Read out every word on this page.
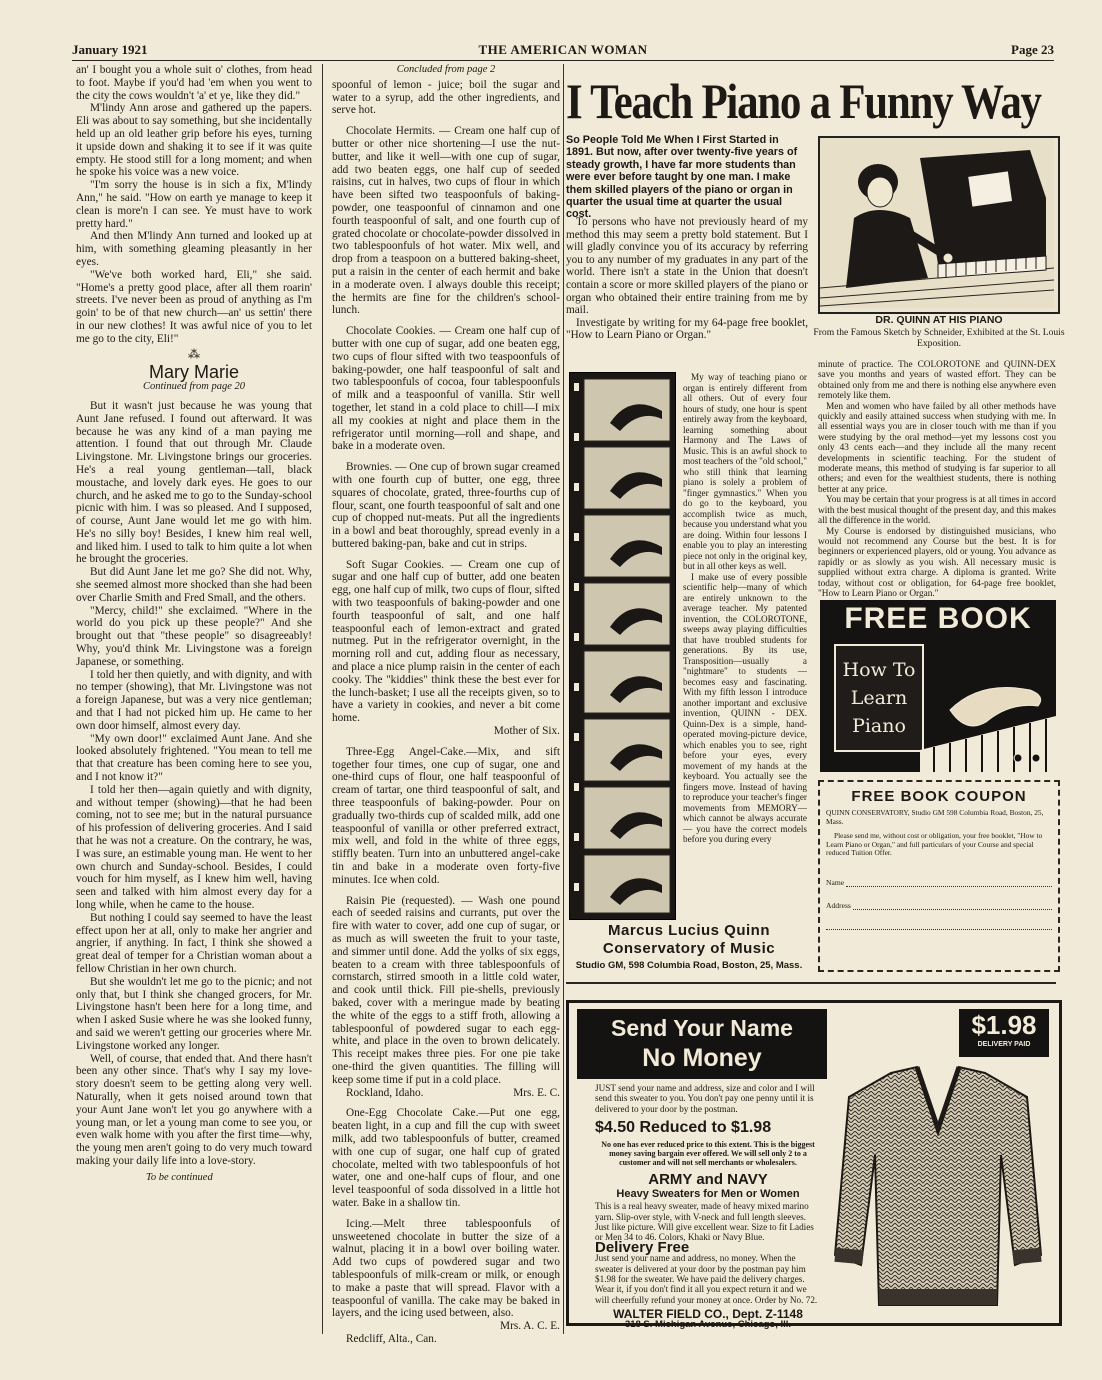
January 1921	THE AMERICAN WOMAN	Page 23

an' I bought you a whole suit o' clothes, from head to foot. Maybe if you'd had 'em when you went to the city the cows wouldn't 'a' et ye, like they did."

M'lindy Ann arose and gathered up the papers. Eli was about to say something, but she incidentally held up an old leather grip before his eyes, turning it upside down and shaking it to see if it was quite empty. He stood still for a long moment; and when he spoke his voice was a new voice.

"I'm sorry the house is in sich a fix, M'lindy Ann," he said. "How on earth ye manage to keep it clean is more'n I can see. Ye must have to work pretty hard."

And then M'lindy Ann turned and looked up at him, with something gleaming pleasantly in her eyes.

"We've both worked hard, Eli," she said. "Home's a pretty good place, after all them roarin' streets. I've never been as proud of anything as I'm goin' to be of that new church—an' us settin' there in our new clothes! It was awful nice of you to let me go to the city, Eli!"

⁂
Mary Marie
Continued from page 20

But it wasn't just because he was young that Aunt Jane refused. I found out afterward. It was because he was any kind of a man paying me attention. I found that out through Mr. Claude Livingstone. Mr. Livingstone brings our groceries. He's a real young gentleman—tall, black moustache, and lovely dark eyes. He goes to our church, and he asked me to go to the Sunday-school picnic with him. I was so pleased. And I supposed, of course, Aunt Jane would let me go with him. He's no silly boy! Besides, I knew him real well, and liked him. I used to talk to him quite a lot when he brought the groceries.

But did Aunt Jane let me go? She did not. Why, she seemed almost more shocked than she had been over Charlie Smith and Fred Small, and the others.

"Mercy, child!" she exclaimed. "Where in the world do you pick up these people?" And she brought out that "these people" so disagreeably! Why, you'd think Mr. Livingstone was a foreign Japanese, or something.

I told her then quietly, and with dignity, and with no temper (showing), that Mr. Livingstone was not a foreign Japanese, but was a very nice gentleman; and that I had not picked him up. He came to her own door himself, almost every day.

"My own door!" exclaimed Aunt Jane. And she looked absolutely frightened. "You mean to tell me that that creature has been coming here to see you, and I not know it?"

I told her then—again quietly and with dignity, and without temper (showing)—that he had been coming, not to see me; but in the natural pursuance of his profession of delivering groceries. And I said that he was not a creature. On the contrary, he was, I was sure, an estimable young man. He went to her own church and Sunday-school. Besides, I could vouch for him myself, as I knew him well, having seen and talked with him almost every day for a long while, when he came to the house.

But nothing I could say seemed to have the least effect upon her at all, only to make her angrier and angrier, if anything. In fact, I think she showed a great deal of temper for a Christian woman about a fellow Christian in her own church.

But she wouldn't let me go to the picnic; and not only that, but I think she changed grocers, for Mr. Livingstone hasn't been here for a long time, and when I asked Susie where he was she looked funny, and said we weren't getting our groceries where Mr. Livingstone worked any longer.

Well, of course, that ended that. And there hasn't been any other since. That's why I say my love-story doesn't seem to be getting along very well. Naturally, when it gets noised around town that your Aunt Jane won't let you go anywhere with a young man, or let a young man come to see you, or even walk home with you after the first time—why, the young men aren't going to do very much toward making your daily life into a love-story.

To be continued
Concluded from page 2

spoonful of lemon - juice; boil the sugar and water to a syrup, add the other ingredients, and serve hot.

Chocolate Hermits. — Cream one half cup of butter or other nice shortening—I use the nut-butter, and like it well—with one cup of sugar, add two beaten eggs, one half cup of seeded raisins, cut in halves, two cups of flour in which have been sifted two teaspoonfuls of baking-powder, one teaspoonful of cinnamon and one fourth teaspoonful of salt, and one fourth cup of grated chocolate or chocolate-powder dissolved in two tablespoonfuls of hot water. Mix well, and drop from a teaspoon on a buttered baking-sheet, put a raisin in the center of each hermit and bake in a moderate oven. I always double this receipt; the hermits are fine for the children's school-lunch.

Chocolate Cookies. — Cream one half cup of butter with one cup of sugar, add one beaten egg, two cups of flour sifted with two teaspoonfuls of baking-powder, one half teaspoonful of salt and two tablespoonfuls of cocoa, four tablespoonfuls of milk and a teaspoonful of vanilla. Stir well together, let stand in a cold place to chill—I mix all my cookies at night and place them in the refrigerator until morning—roll and shape, and bake in a moderate oven.

Brownies. — One cup of brown sugar creamed with one fourth cup of butter, one egg, three squares of chocolate, grated, three-fourths cup of flour, scant, one fourth teaspoonful of salt and one cup of chopped nut-meats. Put all the ingredients in a bowl and beat thoroughly, spread evenly in a buttered baking-pan, bake and cut in strips.

Soft Sugar Cookies. — Cream one cup of sugar and one half cup of butter, add one beaten egg, one half cup of milk, two cups of flour, sifted with two teaspoonfuls of baking-powder and one fourth teaspoonful of salt, and one half teaspoonful each of lemon-extract and grated nutmeg. Put in the refrigerator overnight, in the morning roll and cut, adding flour as necessary, and place a nice plump raisin in the center of each cooky. The "kiddies" think these the best ever for the lunch-basket; I use all the receipts given, so to have a variety in cookies, and never a bit come home.

Mother of Six.

Three-Egg Angel-Cake.—Mix, and sift together four times, one cup of sugar, one and one-third cups of flour, one half teaspoonful of cream of tartar, one third teaspoonful of salt, and three teaspoonfuls of baking-powder. Pour on gradually two-thirds cup of scalded milk, add one teaspoonful of vanilla or other preferred extract, mix well, and fold in the white of three eggs, stiffly beaten. Turn into an unbuttered angel-cake tin and bake in a moderate oven forty-five minutes. Ice when cold.

Raisin Pie (requested). — Wash one pound each of seeded raisins and currants, put over the fire with water to cover, add one cup of sugar, or as much as will sweeten the fruit to your taste, and simmer until done. Add the yolks of six eggs, beaten to a cream with three tablespoonfuls of cornstarch, stirred smooth in a little cold water, and cook until thick. Fill pie-shells, previously baked, cover with a meringue made by beating the white of the eggs to a stiff froth, allowing a tablespoonful of powdered sugar to each egg-white, and place in the oven to brown delicately. This receipt makes three pies. For one pie take one-third the given quantities. The filling will keep some time if put in a cold place.

Rockland, Idaho.	Mrs. E. C.

One-Egg Chocolate Cake.—Put one egg, beaten light, in a cup and fill the cup with sweet milk, add two tablespoonfuls of butter, creamed with one cup of sugar, one half cup of grated chocolate, melted with two tablespoonfuls of hot water, one and one-half cups of flour, and one level teaspoonful of soda dissolved in a little hot water. Bake in a shallow tin.

Icing.—Melt three tablespoonfuls of unsweetened chocolate in butter the size of a walnut, placing it in a bowl over boiling water. Add two cups of powdered sugar and two tablespoonfuls of milk-cream or milk, or enough to make a paste that will spread. Flavor with a teaspoonful of vanilla. The cake may be baked in layers, and the icing used between, also.

Mrs. A. C. E.
Redcliff, Alta., Can.
I Teach Piano a Funny Way
So People Told Me When I First Started in 1891. But now, after over twenty-five years of steady growth, I have far more students than were ever before taught by one man. I make them skilled players of the piano or organ in quarter the usual time at quarter the usual cost.

To persons who have not previously heard of my method this may seem a pretty bold statement. But I will gladly convince you of its accuracy by referring you to any number of my graduates in any part of the world. There isn't a state in the Union that doesn't contain a score or more skilled players of the piano or organ who obtained their entire training from me by mail.

Investigate by writing for my 64-page free booklet, "How to Learn Piano or Organ."

DR. QUINN AT HIS PIANO
From the Famous Sketch by Schneider, Exhibited at the St. Louis Exposition.

My way of teaching piano or organ is entirely different from all others. Out of every four hours of study, one hour is spent entirely away from the keyboard, learning something about Harmony and The Laws of Music. This is an awful shock to most teachers of the "old school," who still think that learning piano is solely a problem of "finger gymnastics." When you do go to the keyboard, you accomplish twice as much, because you understand what you are doing. Within four lessons I enable you to play an interesting piece not only in the original key, but in all other keys as well.

I make use of every possible scientific help—many of which are entirely unknown to the average teacher. My patented invention, the COLOROTONE, sweeps away playing difficulties that have troubled students for generations. By its use, Transposition—usually a "nightmare" to students — becomes easy and fascinating. With my fifth lesson I introduce another important and exclusive invention, QUINN - DEX. Quinn-Dex is a simple, hand-operated moving-picture device, which enables you to see, right before your eyes, every movement of my hands at the keyboard. You actually see the fingers move. Instead of having to reproduce your teacher's finger movements from MEMORY—which cannot be always accurate — you have the correct models before you during every

minute of practice. The COLOROTONE and QUINN-DEX save you months and years of wasted effort. They can be obtained only from me and there is nothing else anywhere even remotely like them.

Men and women who have failed by all other methods have quickly and easily attained success when studying with me. In all essential ways you are in closer touch with me than if you were studying by the oral method—yet my lessons cost you only 43 cents each—and they include all the many recent developments in scientific teaching. For the student of moderate means, this method of studying is far superior to all others; and even for the wealthiest students, there is nothing better at any price.

You may be certain that your progress is at all times in accord with the best musical thought of the present day, and this makes all the difference in the world.

My Course is endorsed by distinguished musicians, who would not recommend any Course but the best. It is for beginners or experienced players, old or young. You advance as rapidly or as slowly as you wish. All necessary music is supplied without extra charge. A diploma is granted. Write today, without cost or obligation, for 64-page free booklet, "How to Learn Piano or Organ."

Marcus Lucius Quinn
Conservatory of Music
Studio GM, 598 Columbia Road, Boston, 25, Mass.
FREE BOOK
How To
Learn
Piano
FREE BOOK COUPON
QUINN CONSERVATORY, Studio GM 598 Columbia Road, Boston, 25, Mass.
Please send me, without cost or obligation, your free booklet, "How to Learn Piano or Organ," and full particulars of your Course and special reduced Tuition Offer.
Name
Address
Send Your Name
No Money
$1.98
DELIVERY PAID
JUST send your name and address, size and color and I will send this sweater to you. You don't pay one penny until it is delivered to your door by the postman.
$4.50 Reduced to $1.98
No one has ever reduced price to this extent. This is the biggest money saving bargain ever offered. We will sell only 2 to a customer and will not sell merchants or wholesalers.
ARMY and NAVY
Heavy Sweaters for Men or Women
This is a real heavy sweater, made of heavy mixed marino yarn. Slip-over style, with V-neck and full length sleeves. Just like picture. Will give excellent wear. Size to fit Ladies or Men 34 to 46. Colors, Khaki or Navy Blue.
Delivery Free
Just send your name and address, no money. When the sweater is delivered at your door by the postman pay him $1.98 for the sweater. We have paid the delivery charges. Wear it, if you don't find it all you expect return it and we will cheerfully refund your money at once. Order by No. 72.
WALTER FIELD CO., Dept. Z-1148
318 S. Michigan Avenue, Chicago, Ill.
